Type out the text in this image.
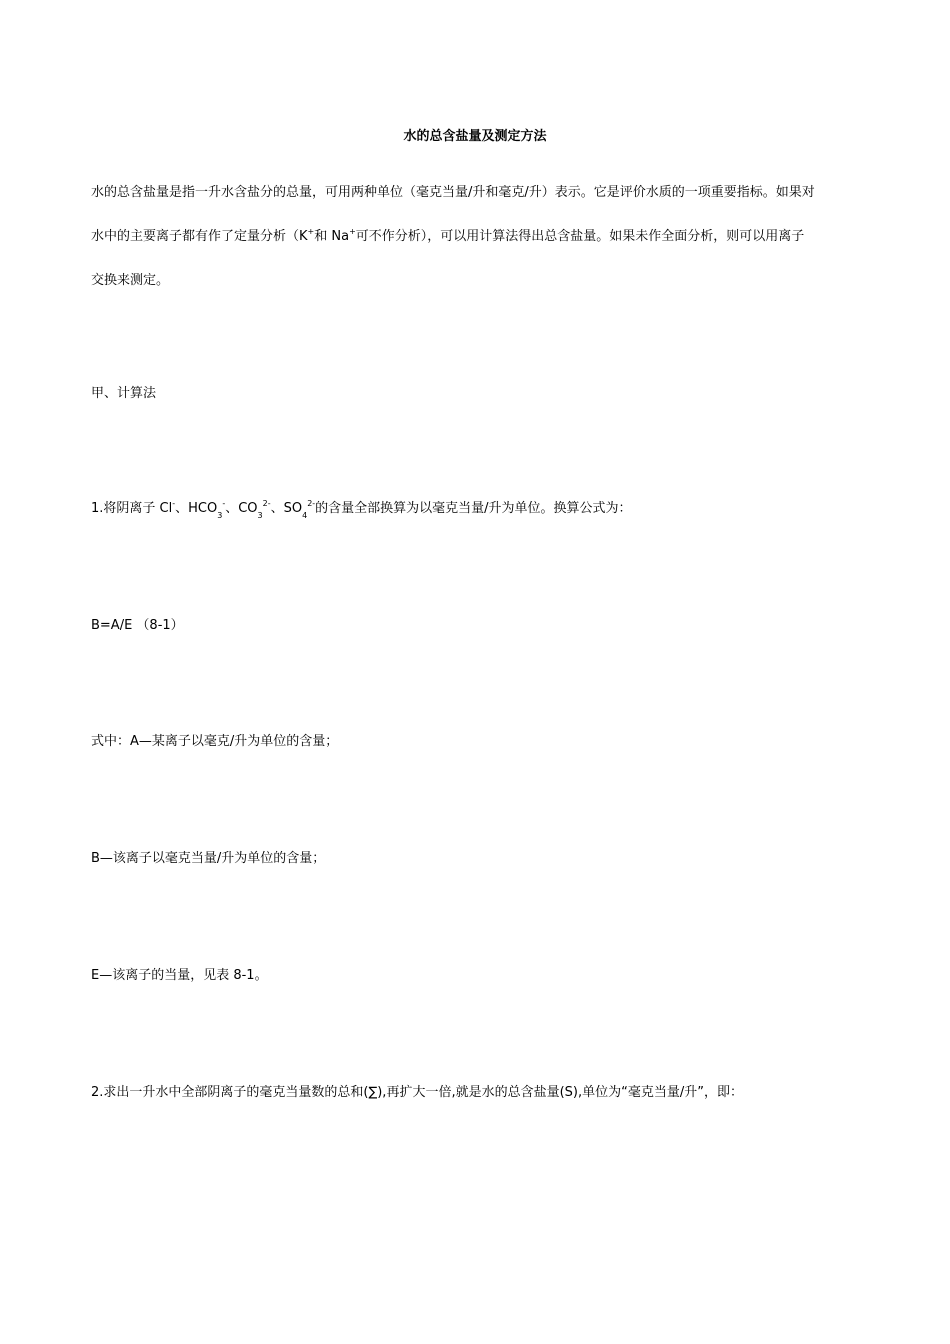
水的总含盐量及测定方法
水的总含盐量是指一升水含盐分的总量，可用两种单位（毫克当量/升和毫克/升）表示。它是评价水质的一项重要指标。如果对
水中的主要离子都有作了定量分析（K+和 Na+可不作分析），可以用计算法得出总含盐量。如果未作全面分析，则可以用离子
交换来测定。
甲、计算法
1.将阴离子 Cl-、$HCO_3^-$、$CO_3^{2-}$、$SO_4^{2-}$的含量全部换算为以毫克当量/升为单位。换算公式为：
B=A/E （8-1）
式中：A—某离子以毫克/升为单位的含量；
B—该离子以毫克当量/升为单位的含量；
E—该离子的当量，见表 8-1。
2.求出一升水中全部阴离子的毫克当量数的总和(∑),再扩大一倍,就是水的总含盐量(S),单位为“毫克当量/升”，即：
